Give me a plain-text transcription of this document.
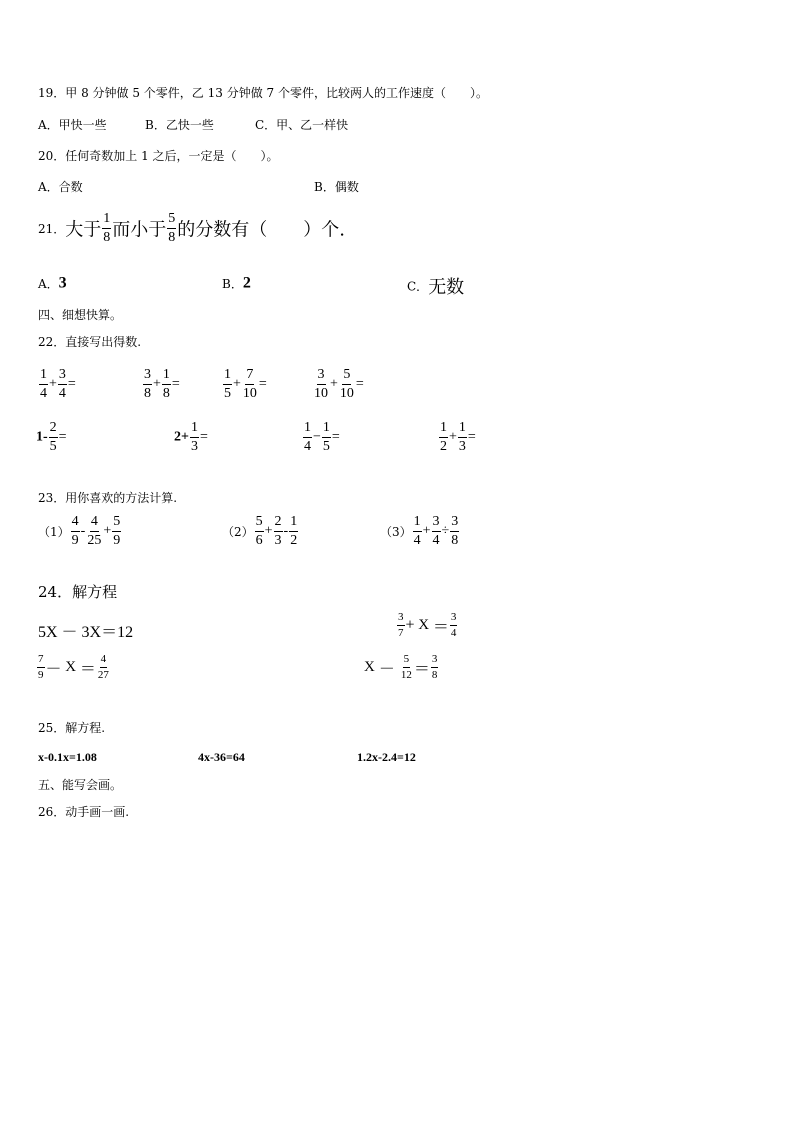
19．甲 8 分钟做 5 个零件，乙 13 分钟做 7 个零件，比较两人的工作速度（　　）。
A．甲快一些	B．乙快一些	C．甲、乙一样快
20．任何奇数加上 1 之后，一定是（　　）。
A．合数	B．偶数
21．大于 $\frac{1}{8}$ 而小于 $\frac{5}{8}$ 的分数有（　　）个.
A．3	B．2	C．无数
四、细想快算。
22．直接写出得数.
$\frac{1}{4} + \frac{3}{4}$ =	$\frac{3}{8} + \frac{1}{8}$ =	$\frac{1}{5} + \frac{7}{10}$ =	$\frac{3}{10} + \frac{5}{10}$ =
$1- \frac{2}{5}$ =	$2+ \frac{1}{3}$ =	$\frac{1}{4} - \frac{1}{5}$ =	$\frac{1}{2} + \frac{1}{3}$ =
23．用你喜欢的方法计算.
$(1) \frac{4}{9} - \frac{4}{25} + \frac{5}{9}$	$(2) \frac{5}{6} + \frac{2}{3} - \frac{1}{2}$	$(3) \frac{1}{4} + \frac{3}{4} \div \frac{3}{8}$
24．解方程
5X － 3X＝12	$\frac{3}{7} + X = \frac{3}{4}$
$\frac{7}{9} - X = \frac{4}{27}$	$X - \frac{5}{12} = \frac{3}{8}$
25．解方程.
x-0.1x=1.08	4x-36=64	1.2x-2.4=12
五、能写会画。
26．动手画一画.
